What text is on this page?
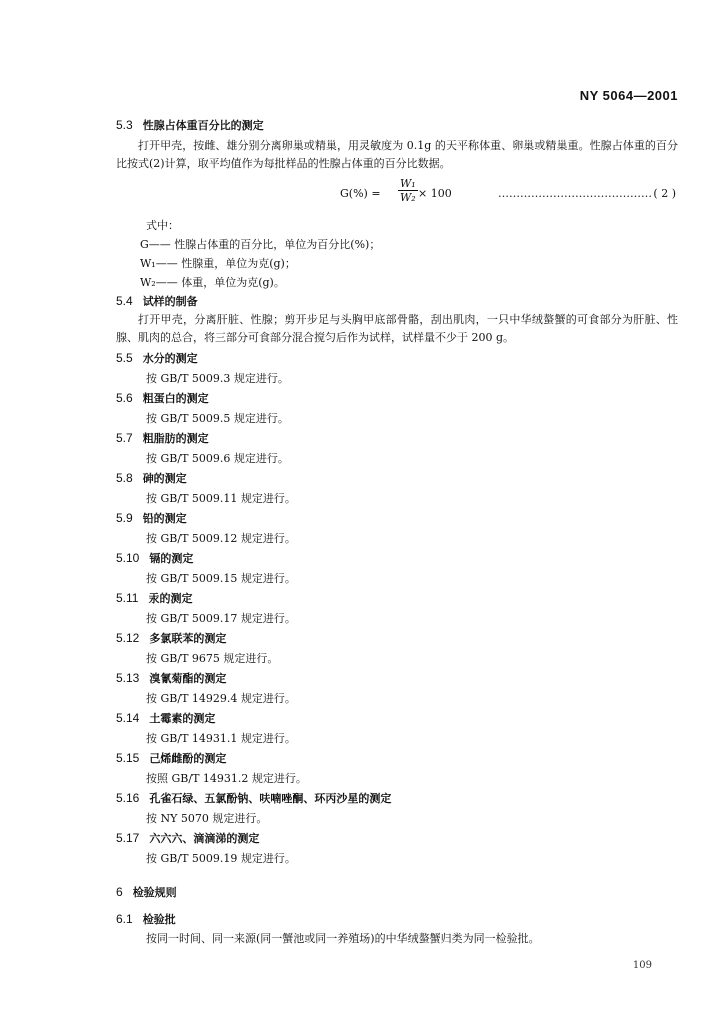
NY 5064—2001

5.3 性腺占体重百分比的测定

打开甲壳，按雌、雄分别分离卵巢或精巢，用灵敏度为 0.1g 的天平称体重、卵巢或精巢重。性腺占体重的百分比按式(2)计算，取平均值作为每批样品的性腺占体重的百分比数据。

$G(\%) = \frac{\text{W₁}}{\text{W₂}} \times 100$	…………………………………… ( 2 )

式中：

G—— 性腺占体重的百分比，单位为百分比(%)；

W₁—— 性腺重，单位为克(g)；

W₂—— 体重，单位为克(g)。

5.4 试样的制备

打开甲壳，分离肝脏、性腺；剪开步足与头胸甲底部骨骼，刮出肌肉，一只中华绒螯蟹的可食部分为肝脏、性腺、肌肉的总合，将三部分可食部分混合搅匀后作为试样，试样量不少于 200 g。

5.5 水分的测定

按 GB/T 5009.3 规定进行。

5.6 粗蛋白的测定

按 GB/T 5009.5 规定进行。

5.7 粗脂肪的测定

按 GB/T 5009.6 规定进行。

5.8 砷的测定

按 GB/T 5009.11 规定进行。

5.9 铅的测定

按 GB/T 5009.12 规定进行。

5.10 镉的测定

按 GB/T 5009.15 规定进行。

5.11 汞的测定

按 GB/T 5009.17 规定进行。

5.12 多氯联苯的测定

按 GB/T 9675 规定进行。

5.13 溴氰菊酯的测定

按 GB/T 14929.4 规定进行。

5.14 土霉素的测定

按 GB/T 14931.1 规定进行。

5.15 己烯雌酚的测定

按照 GB/T 14931.2 规定进行。

5.16 孔雀石绿、五氯酚钠、呋喃唑酮、环丙沙星的测定

按 NY 5070 规定进行。

5.17 六六六、滴滴涕的测定

按 GB/T 5009.19 规定进行。

6 检验规则

6.1 检验批

按同一时间、同一来源(同一蟹池或同一养殖场)的中华绒螯蟹归类为同一检验批。

109
